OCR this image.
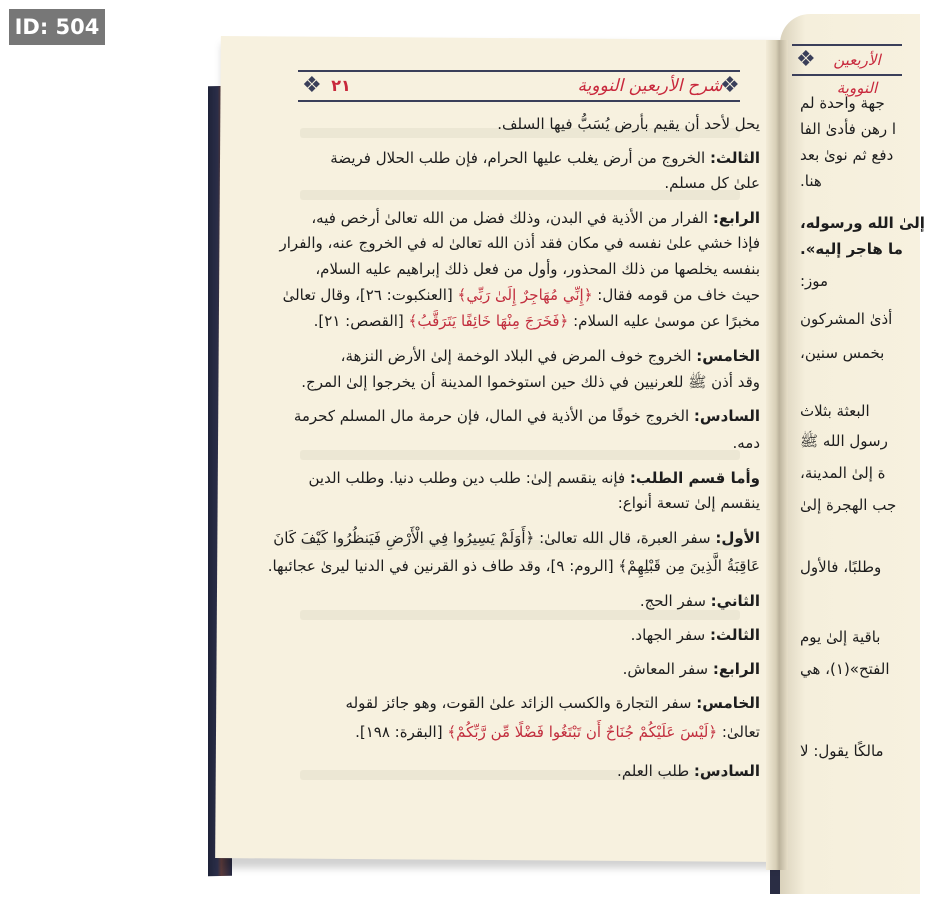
ID: 504
❖	❖
شرح الأربعين النووية
٢١
❖	الأربعين النووية
يحل لأحد أن يقيم بأرض يُسَبُّ فيها السلف.
الثالث: الخروج من أرض يغلب عليها الحرام، فإن طلب الحلال فريضة
علىٰ كل مسلم.
الرابع: الفرار من الأذية في البدن، وذلك فضل من الله تعالىٰ أرخص فيه،
فإذا خشي علىٰ نفسه في مكان فقد أذن الله تعالىٰ له في الخروج عنه، والفرار
بنفسه يخلصها من ذلك المحذور، وأول من فعل ذلك إبراهيم عليه السلام،
حيث خاف من قومه فقال: ﴿إِنِّي مُهَاجِرٌ إِلَىٰ رَبِّي﴾ [العنكبوت: ٢٦]، وقال تعالىٰ
مخبرًا عن موسىٰ عليه السلام: ﴿فَخَرَجَ مِنْهَا خَائِفًا يَتَرَقَّبُ﴾ [القصص: ٢١].
الخامس: الخروج خوف المرض في البلاد الوخمة إلىٰ الأرض النزهة،
وقد أذن ﷺ للعرنيين في ذلك حين استوخموا المدينة أن يخرجوا إلىٰ المرج.
السادس: الخروج خوفًا من الأذية في المال، فإن حرمة مال المسلم كحرمة
دمه.
وأما قسم الطلب: فإنه ينقسم إلىٰ: طلب دين وطلب دنيا. وطلب الدين
ينقسم إلىٰ تسعة أنواع:
الأول: سفر العبرة، قال الله تعالىٰ: ﴿أَوَلَمْ يَسِيرُوا فِي الْأَرْضِ فَيَنظُرُوا كَيْفَ كَانَ
عَاقِبَةُ الَّذِينَ مِن قَبْلِهِمْ﴾ [الروم: ٩]، وقد طاف ذو القرنين في الدنيا ليرىٰ عجائبها.
الثاني: سفر الحج.
الثالث: سفر الجهاد.
الرابع: سفر المعاش.
الخامس: سفر التجارة والكسب الزائد علىٰ القوت، وهو جائز لقوله
تعالىٰ: ﴿لَيْسَ عَلَيْكُمْ جُنَاحٌ أَن تَبْتَغُوا فَضْلًا مِّن رَّبِّكُمْ﴾ [البقرة: ١٩٨].
السادس: طلب العلم.
جهة واحدة لم
ا رهن فأدىٰ الفا
دفع ثم نوىٰ بعد
هنا.
إلىٰ الله ورسوله،
ما هاجر إليه».
موز:
أذىٰ المشركون
بخمس سنين،
البعثة بثلاث
رسول الله ﷺ
ة إلىٰ المدينة،
جب الهجرة إلىٰ
وطلبًا، فالأول
باقية إلىٰ يوم
الفتح»(١)، هي
مالكًا يقول: لا
